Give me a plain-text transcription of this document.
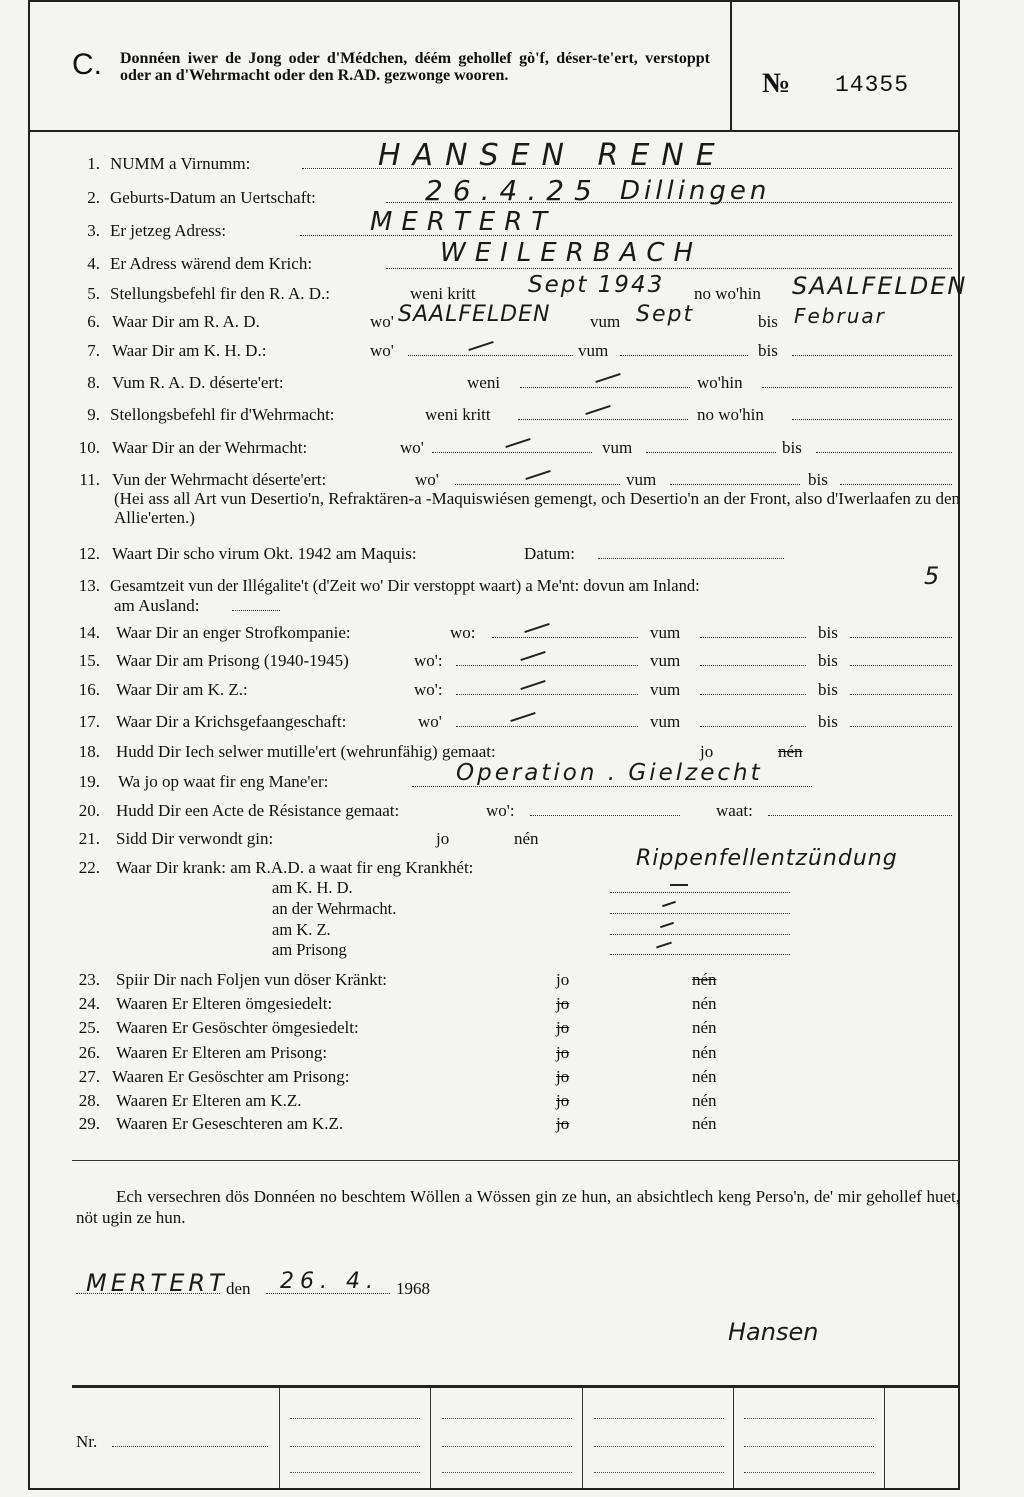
C. Donnéen iwer de Jong oder d'Médchen, déém gehollef gò'f, déser-te'ert, verstoppt oder an d'Wehrmacht oder den R.AD. gezwonge wooren.	№ 14355
1. NUMM a Virnumm:	HANSEN RENE
2. Geburts-Datum an Uertschaft:	26.4.25 Dillingen
3. Er jetzeg Adress:	MERTERT
4. Er Adress wärend dem Krich:	WEILERBACH
5. Stellungsbefehl fir den R. A. D.:	weni kritt Sept 1943 no wo'hin SAALFELDEN
6. Waar Dir am R. A. D.	wo' SAALFELDEN vum Sept	bis Februar
7. Waar Dir am K. H. D.:	wo'	vum	bis
8. Vum R. A. D. déserte'ert:	weni	wo'hin
9. Stellongsbefehl fir d'Wehrmacht:	weni kritt	no wo'hin
10. Waar Dir an der Wehrmacht:	wo'	vum	bis
11. Vun der Wehrmacht déserte'ert:	wo'	vum	bis
(Hei ass all Art vun Desertio'n, Refraktären-a -Maquiswiésen gemengt, och Desertio'n an der Front, also d'Iwerlaafen zu den Allie'erten.)
12. Waart Dir scho virum Okt. 1942 am Maquis:	Datum:
13. Gesamtzeit vun der Illégalite't (d'Zeit wo' Dir verstoppt waart) a Me'nt: dovun am Inland:	5
am Ausland:
14. Waar Dir an enger Strofkompanie:	wo:	vum	bis
15. Waar Dir am Prisong (1940-1945)	wo':	vum	bis
16. Waar Dir am K. Z.:	wo':	vum	bis
17. Waar Dir a Krichsgefaangeschaft:	wo'	vum	bis
18. Hudd Dir Iech selwer mutille'ert (wehrunfähig) gemaat:	jo	nén
19. Wa jo op waat fir eng Mane'er:	Operation . Gielzecht
20. Hudd Dir een Acte de Résistance gemaat:	wo':	waat:
21. Sidd Dir verwondt gin:	jo	nén
22. Waar Dir krank: am R.A.D. a waat fir eng Krankhét:	Rippenfellentzündung
am K. H. D.
an der Wehrmacht.
am K. Z.
am Prisong
23. Spiir Dir nach Foljen vun döser Kränkt:	jo	nén
24. Waaren Er Elteren ömgesiedelt:	jo	nén
25. Waaren Er Gesöschter ömgesiedelt:	jo	nén
26. Waaren Er Elteren am Prisong:	jo	nén
27. Waaren Er Gesöschter am Prisong:	jo	nén
28. Waaren Er Elteren am K.Z.	jo	nén
29. Waaren Er Geseschteren am K.Z.	jo	nén
Ech versechren dös Donnéen no beschtem Wöllen a Wössen gin ze hun, an absichtlech keng Perso'n, de' mir gehollef huet, nöt ugin ze hun.
MERTERT
den 26. 4. 1968
Hansen
Nr.
